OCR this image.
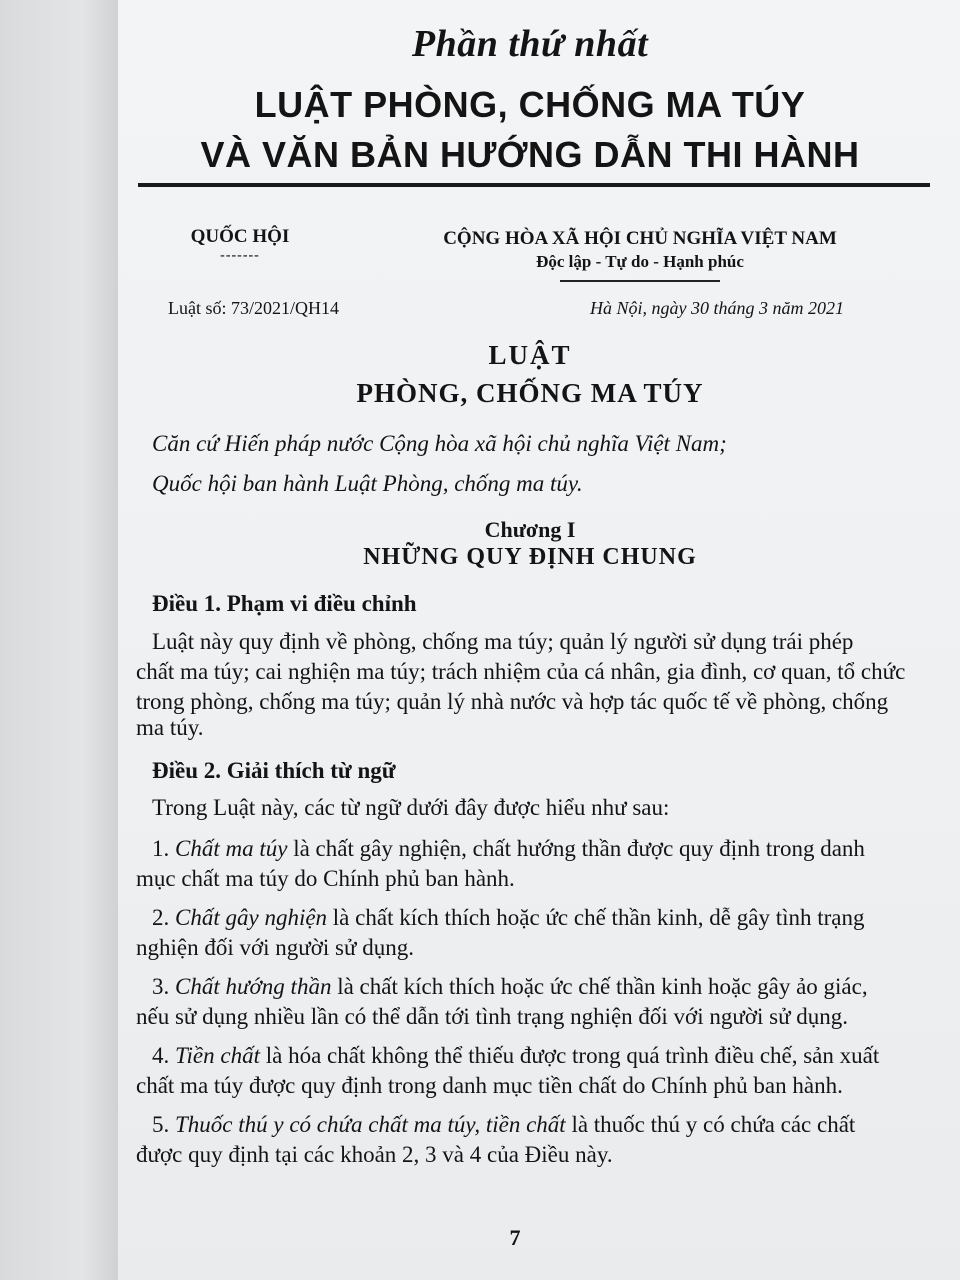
Phần thứ nhất
LUẬT PHÒNG, CHỐNG MA TÚY
VÀ VĂN BẢN HƯỚNG DẪN THI HÀNH
QUỐC HỘI
-------
CỘNG HÒA XÃ HỘI CHỦ NGHĨA VIỆT NAM
Độc lập - Tự do - Hạnh phúc
Luật số: 73/2021/QH14	Hà Nội, ngày 30 tháng 3 năm 2021
LUẬT
PHÒNG, CHỐNG MA TÚY
Căn cứ Hiến pháp nước Cộng hòa xã hội chủ nghĩa Việt Nam;
Quốc hội ban hành Luật Phòng, chống ma túy.
Chương I
NHỮNG QUY ĐỊNH CHUNG
Điều 1. Phạm vi điều chỉnh
Luật này quy định về phòng, chống ma túy; quản lý người sử dụng trái phép
chất ma túy; cai nghiện ma túy; trách nhiệm của cá nhân, gia đình, cơ quan, tổ chức
trong phòng, chống ma túy; quản lý nhà nước và hợp tác quốc tế về phòng, chống
ma túy.
Điều 2. Giải thích từ ngữ
Trong Luật này, các từ ngữ dưới đây được hiểu như sau:
1. Chất ma túy là chất gây nghiện, chất hướng thần được quy định trong danh
mục chất ma túy do Chính phủ ban hành.
2. Chất gây nghiện là chất kích thích hoặc ức chế thần kinh, dễ gây tình trạng
nghiện đối với người sử dụng.
3. Chất hướng thần là chất kích thích hoặc ức chế thần kinh hoặc gây ảo giác,
nếu sử dụng nhiều lần có thể dẫn tới tình trạng nghiện đối với người sử dụng.
4. Tiền chất là hóa chất không thể thiếu được trong quá trình điều chế, sản xuất
chất ma túy được quy định trong danh mục tiền chất do Chính phủ ban hành.
5. Thuốc thú y có chứa chất ma túy, tiền chất là thuốc thú y có chứa các chất
được quy định tại các khoản 2, 3 và 4 của Điều này.
7
